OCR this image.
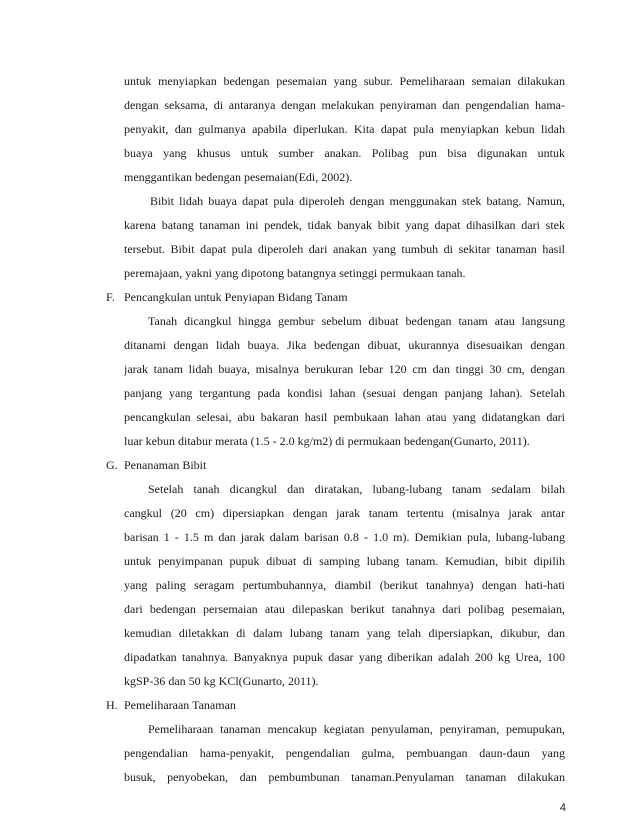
untuk menyiapkan bedengan pesemaian yang subur. Pemeliharaan semaian dilakukan
dengan seksama, di antaranya dengan melakukan penyiraman dan pengendalian hama-
penyakit, dan gulmanya apabila diperlukan. Kita dapat pula menyiapkan kebun lidah
buaya yang khusus untuk sumber anakan. Polibag pun bisa digunakan untuk
menggantikan bedengan pesemaian(Edi, 2002).
Bibit lidah buaya dapat pula diperoleh dengan menggunakan stek batang. Namun,
karena batang tanaman ini pendek, tidak banyak bibit yang dapat dihasilkan dari stek
tersebut. Bibit dapat pula diperoleh dari anakan yang tumbuh di sekitar tanaman hasil
peremajaan, yakni yang dipotong batangnya setinggi permukaan tanah.
F. Pencangkulan untuk Penyiapan Bidang Tanam
Tanah dicangkul hingga gembur sebelum dibuat bedengan tanam atau langsung
ditanami dengan lidah buaya. Jika bedengan dibuat, ukurannya disesuaikan dengan
jarak tanam lidah buaya, misalnya berukuran lebar 120 cm dan tinggi 30 cm, dengan
panjang yang tergantung pada kondisi lahan (sesuai dengan panjang lahan). Setelah
pencangkulan selesai, abu bakaran hasil pembukaan lahan atau yang didatangkan dari
luar kebun ditabur merata (1.5 - 2.0 kg/m2) di permukaan bedengan(Gunarto, 2011).
G. Penanaman Bibit
Setelah tanah dicangkul dan diratakan, lubang-lubang tanam sedalam bilah
cangkul (20 cm) dipersiapkan dengan jarak tanam tertentu (misalnya jarak antar
barisan 1 - 1.5 m dan jarak dalam barisan 0.8 - 1.0 m). Demikian pula, lubang-lubang
untuk penyimpanan pupuk dibuat di samping lubang tanam. Kemudian, bibit dipilih
yang paling seragam pertumbuhannya, diambil (berikut tanahnya) dengan hati-hati
dari bedengan persemaian atau dilepaskan berikut tanahnya dari polibag pesemaian,
kemudian diletakkan di dalam lubang tanam yang telah dipersiapkan, dikubur, dan
dipadatkan tanahnya. Banyaknya pupuk dasar yang diberikan adalah 200 kg Urea, 100
kgSP-36 dan 50 kg KCl(Gunarto, 2011).
H. Pemeliharaan Tanaman
Pemeliharaan tanaman mencakup kegiatan penyulaman, penyiraman, pemupukan,
pengendalian hama-penyakit, pengendalian gulma, pembuangan daun-daun yang
busuk, penyobekan, dan pembumbunan tanaman.Penyulaman tanaman dilakukan
4
